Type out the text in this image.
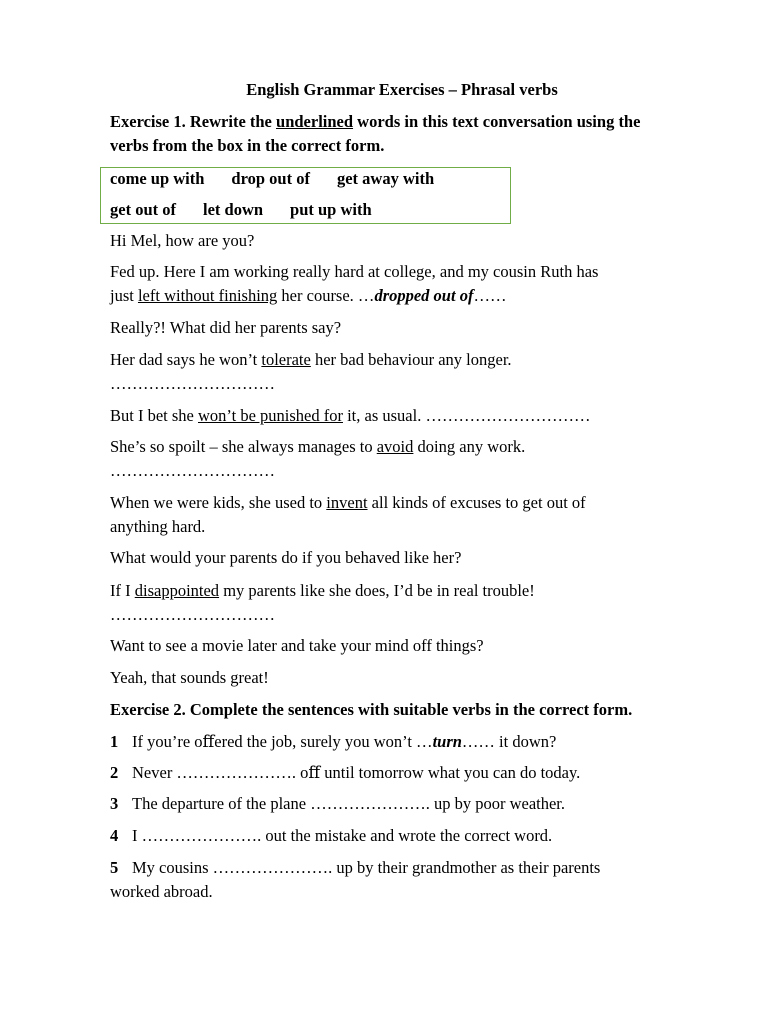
English Grammar Exercises – Phrasal verbs
Exercise 1. Rewrite the underlined words in this text conversation using the
verbs from the box in the correct form.
come up with drop out of get away with
get out of let down put up with
Hi Mel, how are you?
Fed up. Here I am working really hard at college, and my cousin Ruth has
just left without finishing her course. …dropped out of……
Really?! What did her parents say?
Her dad says he won’t tolerate her bad behaviour any longer.
…………………………
But I bet she won’t be punished for it, as usual. …………………………
She’s so spoilt – she always manages to avoid doing any work.
…………………………
When we were kids, she used to invent all kinds of excuses to get out of
anything hard.
What would your parents do if you behaved like her?
If I disappointed my parents like she does, I’d be in real trouble!
…………………………
Want to see a movie later and take your mind off things?
Yeah, that sounds great!
Exercise 2. Complete the sentences with suitable verbs in the correct form.
1 If you’re oﬀered the job, surely you won’t …turn…… it down?
2 Never …………………. oﬀ until tomorrow what you can do today.
3 The departure of the plane …………………. up by poor weather.
4 I …………………. out the mistake and wrote the correct word.
5 My cousins …………………. up by their grandmother as their parents
worked abroad.
